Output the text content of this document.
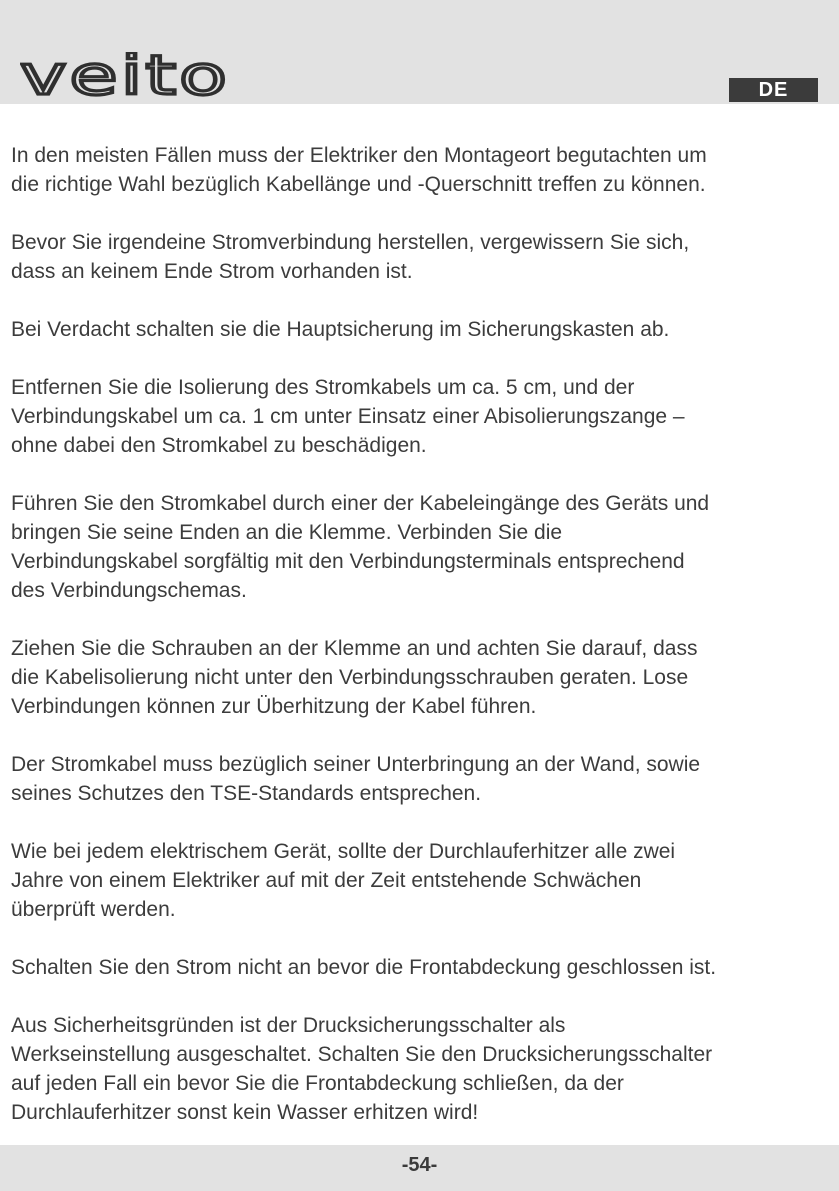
veito	DE

In den meisten Fällen muss der Elektriker den Montageort begutachten um
die richtige Wahl bezüglich Kabellänge und -Querschnitt treffen zu können.

Bevor Sie irgendeine Stromverbindung herstellen, vergewissern Sie sich,
dass an keinem Ende Strom vorhanden ist.

Bei Verdacht schalten sie die Hauptsicherung im Sicherungskasten ab.

Entfernen Sie die Isolierung des Stromkabels um ca. 5 cm, und der
Verbindungskabel um ca. 1 cm unter Einsatz einer Abisolierungszange –
ohne dabei den Stromkabel zu beschädigen.

Führen Sie den Stromkabel durch einer der Kabeleingänge des Geräts und
bringen Sie seine Enden an die Klemme. Verbinden Sie die
Verbindungskabel sorgfältig mit den Verbindungsterminals entsprechend
des Verbindungschemas.

Ziehen Sie die Schrauben an der Klemme an und achten Sie darauf, dass
die Kabelisolierung nicht unter den Verbindungsschrauben geraten. Lose
Verbindungen können zur Überhitzung der Kabel führen.

Der Stromkabel muss bezüglich seiner Unterbringung an der Wand, sowie
seines Schutzes den TSE-Standards entsprechen.

Wie bei jedem elektrischem Gerät, sollte der Durchlauferhitzer alle zwei
Jahre von einem Elektriker auf mit der Zeit entstehende Schwächen
überprüft werden.

Schalten Sie den Strom nicht an bevor die Frontabdeckung geschlossen ist.

Aus Sicherheitsgründen ist der Drucksicherungsschalter als
Werkseinstellung ausgeschaltet. Schalten Sie den Drucksicherungsschalter
auf jeden Fall ein bevor Sie die Frontabdeckung schließen, da der
Durchlauferhitzer sonst kein Wasser erhitzen wird!

-54-
